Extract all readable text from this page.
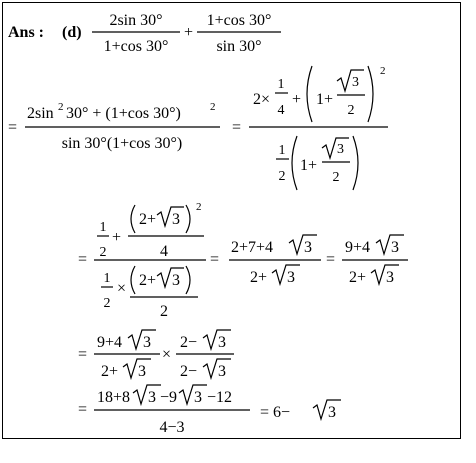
Ans : (d)
2sin 30°
1+cos 30°
+
1+cos 30°
sin 30°
=
2sin 2 30° + (1+cos 30°)	2
sin 30°(1+cos 30°)
=
2×
1
4
+ 1+
3
2
2
1
2
1+
3
2
=
1
2
+
2+ 3
2
4
1
2
× 2+ 3
2
=
2+7+4 3
2+ 3
=
9+4 3
2+ 3
=
9+4 3
2+ 3
×
2− 3
2− 3
=
18+8 3 −9 3 −12
4−3
= 6− 3
